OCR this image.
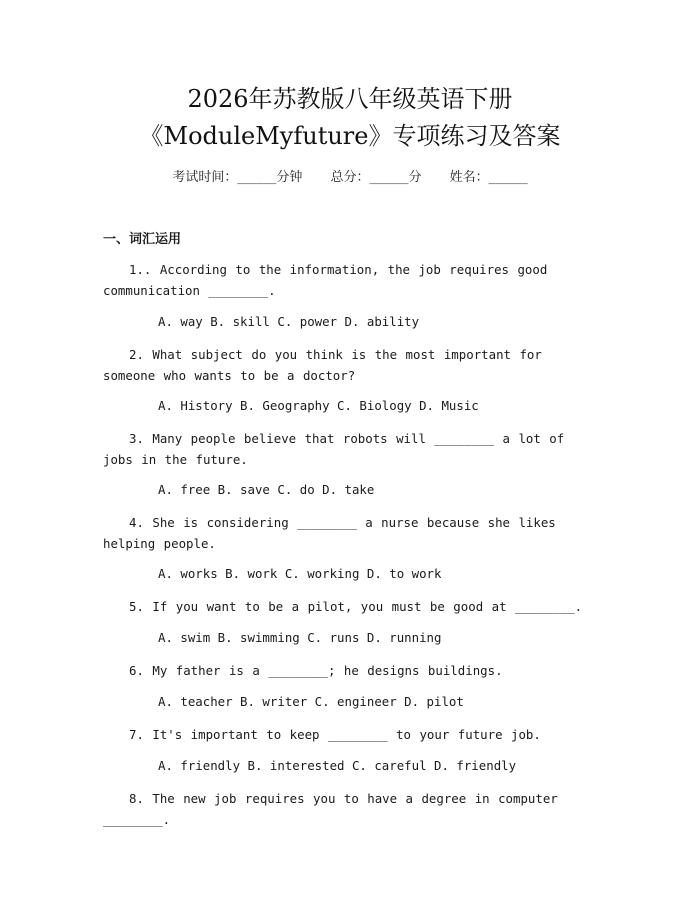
2026年苏教版八年级英语下册
《ModuleMyfuture》专项练习及答案
考试时间：______分钟 总分：______分 姓名：______
一、词汇运用
1.. According to the information, the job requires good communication ________.
A. way B. skill C. power D. ability
2. What subject do you think is the most important for someone who wants to be a doctor?
A. History B. Geography C. Biology D. Music
3. Many people believe that robots will ________ a lot of jobs in the future.
A. free B. save C. do D. take
4. She is considering ________ a nurse because she likes helping people.
A. works B. work C. working D. to work
5. If you want to be a pilot, you must be good at ________.
A. swim B. swimming C. runs D. running
6. My father is a ________; he designs buildings.
A. teacher B. writer C. engineer D. pilot
7. It's important to keep ________ to your future job.
A. friendly B. interested C. careful D. friendly
8. The new job requires you to have a degree in computer ________.
